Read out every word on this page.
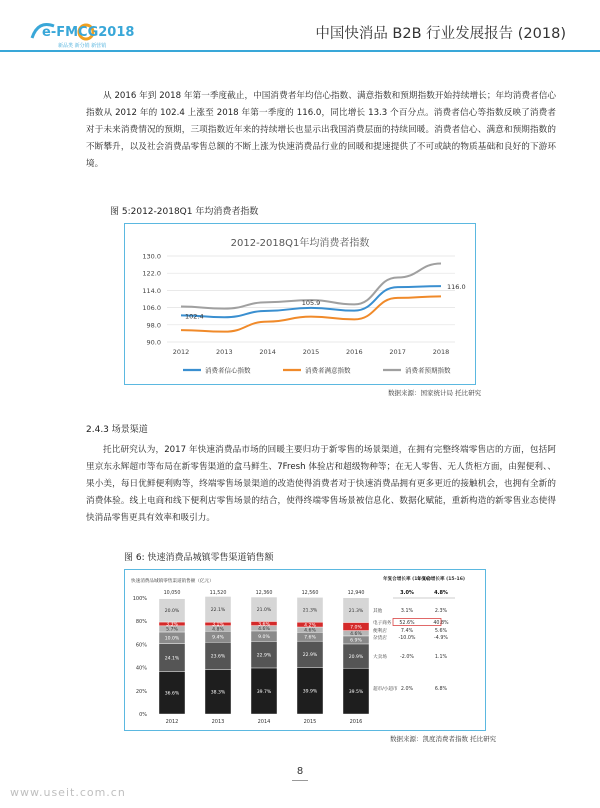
e-FMCG2018
新品类 新分销 新营销
中国快消品 B2B 行业发展报告 (2018)

从 2016 年到 2018 年第一季度截止，中国消费者年均信心指数、满意指数和预期指数开始持续增长；年均消费者信心指数从 2012 年的 102.4 上涨至 2018 年第一季度的 116.0，同比增长 13.3 个百分点。消费者信心等指数反映了消费者对于未来消费情况的预期，三项指数近年来的持续增长也显示出我国消费层面的持续回暖。消费者信心、满意和预期指数的不断攀升，以及社会消费品零售总额的不断上涨为快速消费品行业的回暖和提速提供了不可或缺的物质基础和良好的下游环境。

图 5:2012-2018Q1 年均消费者指数
2012-2018Q1年均消费者指数
90.0
98.0
106.0
114.0
122.0
130.0
2012	2013	2014	2015	2016	2017	2018
102.4
105.9
116.0
消费者信心指数	消费者满意指数	消费者预期指数
数据来源：国家统计局 托比研究
2.4.3 场景渠道

托比研究认为，2017 年快速消费品市场的回暖主要归功于新零售的场景渠道，在拥有完整终端零售店的方面，包括阿里京东永辉超市等布局在新零售渠道的盒马鲜生、7Fresh 体验店和超级物种等；在无人零售、无人货柜方面，由猩便利、、果小美，每日优鲜便利购等，终端零售场景渠道的改造使得消费者对于快速消费品拥有更多更近的接触机会，也拥有全新的消费体验。线上电商和线下便利店零售场景的结合，使得终端零售场景被信息化、数据化赋能，重新构造的新零售业态使得快消品零售更具有效率和吸引力。

图 6: 快速消费品城镇零售渠道销售额
快速消费品城镇零售渠道销售额（亿元）
0%
20%
40%
60%
80%
100%
36.6%
24.1%
10.0%
5.7%
3.3%
20.0%
10,050
2012
38.3%
23.6%
9.4%
4.8%
3.1%
22.1%
11,520
2013
39.7%
22.9%
9.0%
4.6%
3.6%
21.0%
12,360
2014
39.9%
22.9%
7.6%
4.6%
4.2%
21.3%
12,560
2015
39.5%
20.9%
6.9%
4.6%
7.0%
21.3%
12,940
2016
年复合增长率 (11-16)
年复合增长率 (15-16)
3.0%	4.8%
其他	3.1%	2.3%
电子商务 52.6%	40.8%
便利店	7.4%	5.6%
杂货店 -10.0%	-4.9%
大卖场	-2.0%	1.1%
超市/小超市 2.0%	6.8%
数据来源：凯度消费者指数 托比研究
8
www.useit.com.cn
